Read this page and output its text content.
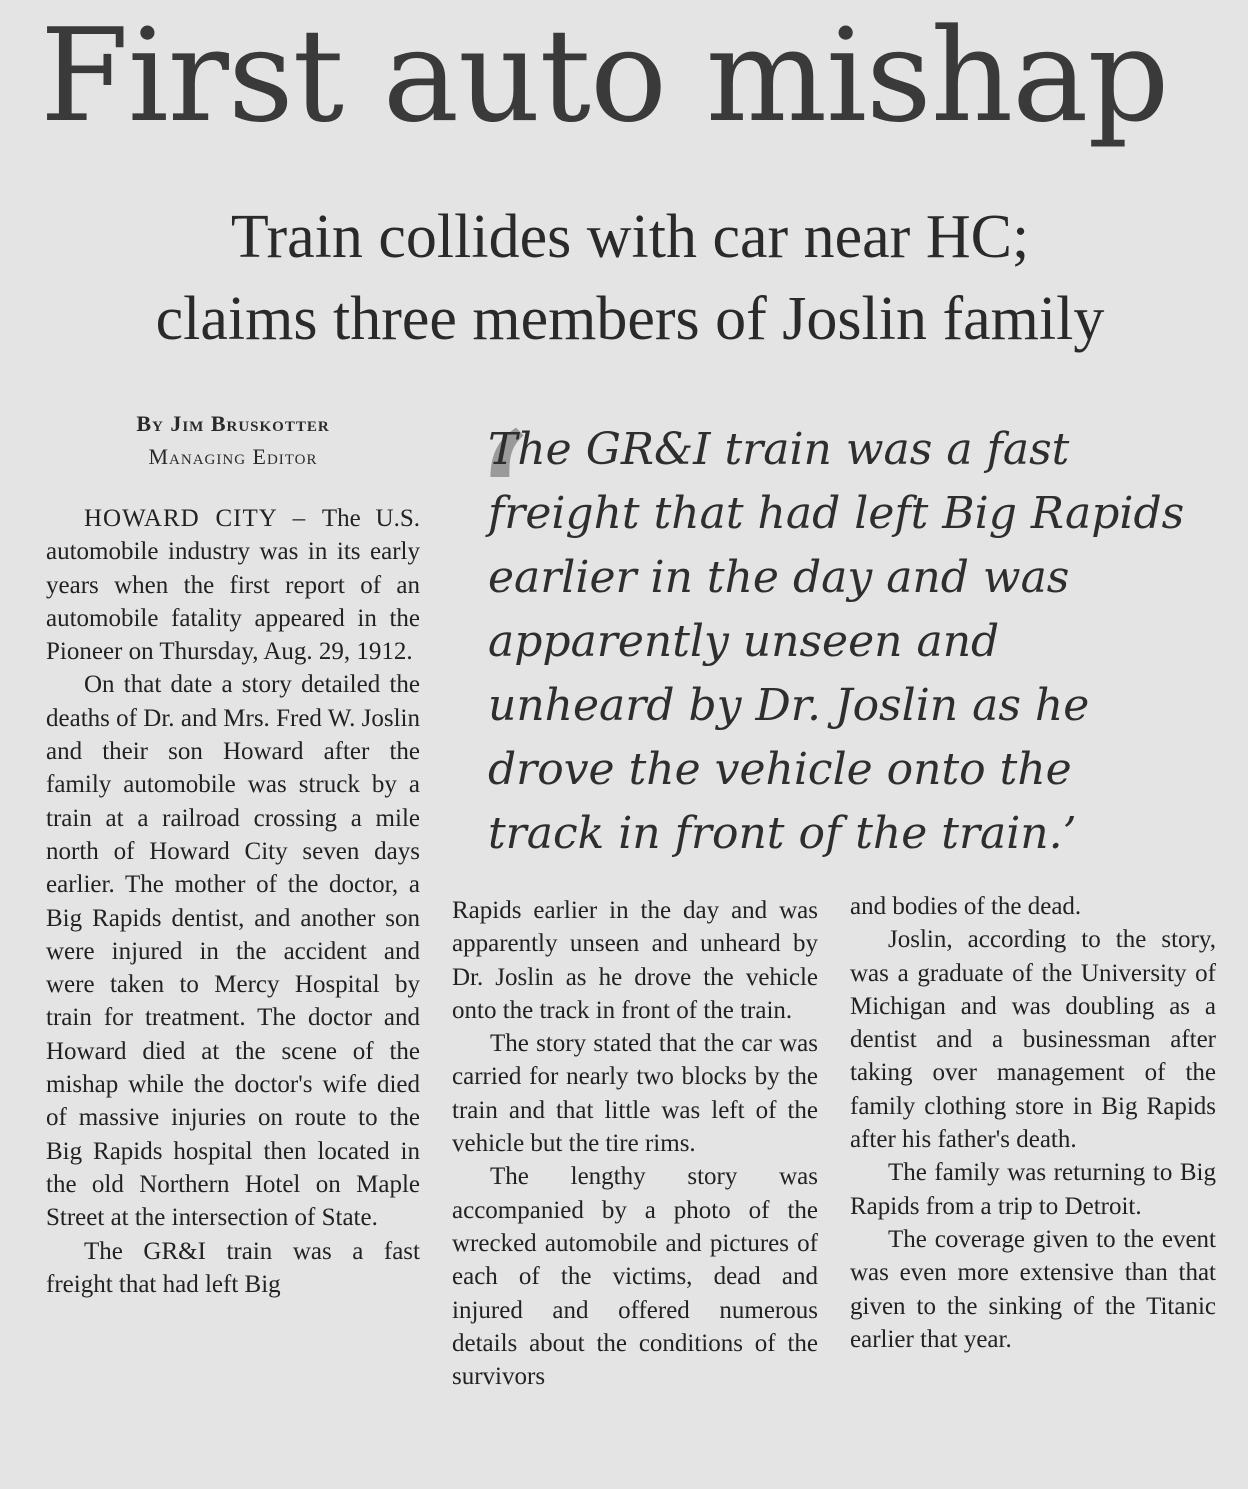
First auto mishap
Train collides with car near HC;
claims three members of Joslin family
By Jim Bruskotter
Managing Editor ‘
The GR&I train was a fast
freight that had left Big Rapids
earlier in the day and was
apparently unseen and
unheard by Dr. Joslin as he
drove the vehicle onto the
track in front of the train.’

HOWARD CITY – The U.S. automobile industry was in its early years when the first report of an automobile fatality appeared in the Pioneer on Thursday, Aug. 29, 1912.

On that date a story detailed the deaths of Dr. and Mrs. Fred W. Joslin and their son Howard after the family automobile was struck by a train at a railroad crossing a mile north of Howard City seven days earlier. The mother of the doctor, a Big Rapids dentist, and another son were injured in the accident and were taken to Mercy Hospital by train for treatment. The doctor and Howard died at the scene of the mishap while the doctor's wife died of massive injuries on route to the Big Rapids hospital then located in the old Northern Hotel on Maple Street at the intersection of State.

The GR&I train was a fast freight that had left Big

Rapids earlier in the day and was apparently unseen and unheard by Dr. Joslin as he drove the vehicle onto the track in front of the train.

The story stated that the car was carried for nearly two blocks by the train and that little was left of the vehicle but the tire rims.

The lengthy story was accompanied by a photo of the wrecked automobile and pictures of each of the victims, dead and injured and offered numerous details about the conditions of the survivors

and bodies of the dead.

Joslin, according to the story, was a graduate of the University of Michigan and was doubling as a dentist and a businessman after taking over management of the family clothing store in Big Rapids after his father's death.

The family was returning to Big Rapids from a trip to Detroit.

The coverage given to the event was even more extensive than that given to the sinking of the Titanic earlier that year.
